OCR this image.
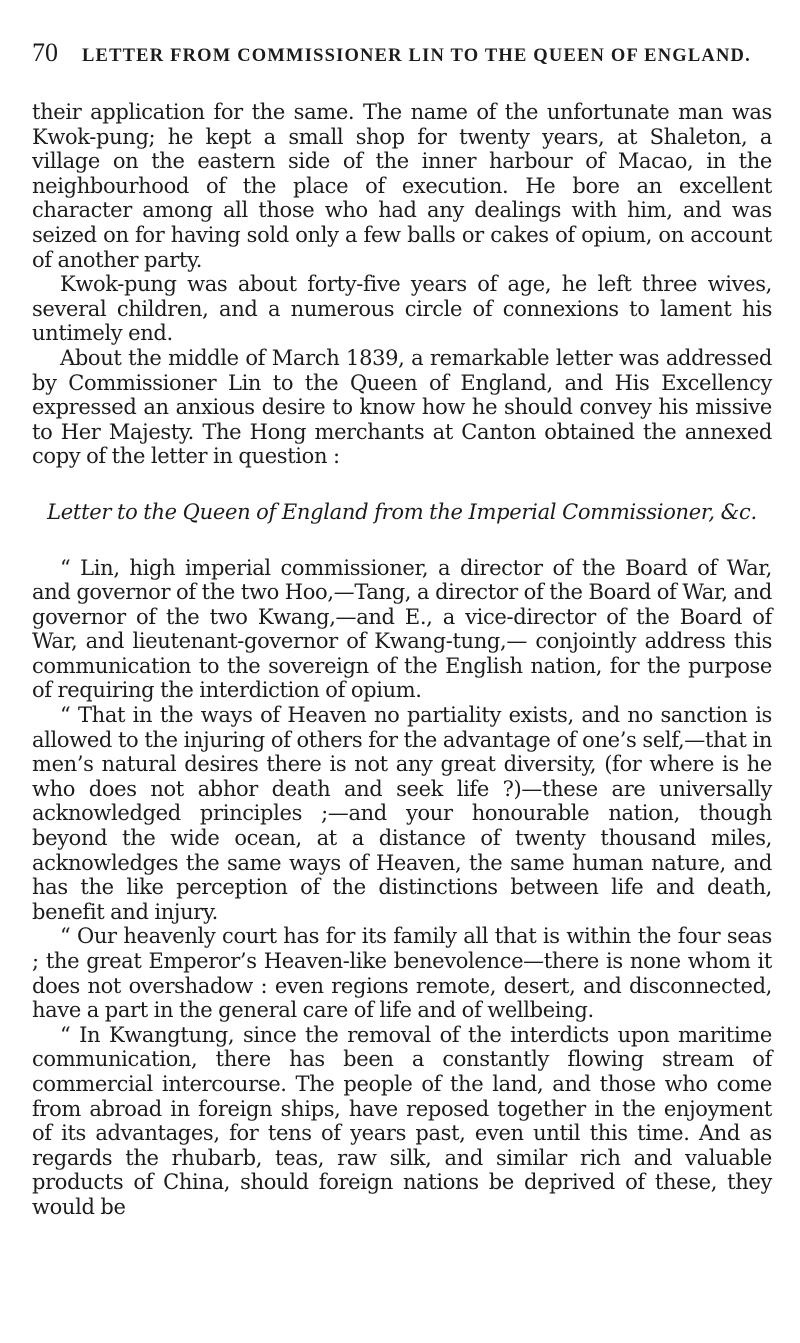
70	LETTER FROM COMMISSIONER LIN TO THE QUEEN OF ENGLAND.

their application for the same. The name of the unfortunate man was Kwok-pung; he kept a small shop for twenty years, at Shaleton, a village on the eastern side of the inner harbour of Macao, in the neighbourhood of the place of execution. He bore an excellent character among all those who had any dealings with him, and was seized on for having sold only a few balls or cakes of opium, on account of another party.

Kwok-pung was about forty-five years of age, he left three wives, several children, and a numerous circle of connexions to lament his untimely end.

About the middle of March 1839, a remarkable letter was addressed by Commissioner Lin to the Queen of England, and His Excellency expressed an anxious desire to know how he should convey his missive to Her Majesty. The Hong merchants at Canton obtained the annexed copy of the letter in question :

Letter to the Queen of England from the Imperial Commissioner, &c.

“ Lin, high imperial commissioner, a director of the Board of War, and governor of the two Hoo,—Tang, a director of the Board of War, and governor of the two Kwang,—and E., a vice-director of the Board of War, and lieutenant-governor of Kwang-tung,— conjointly address this communication to the sovereign of the English nation, for the purpose of requiring the interdiction of opium.

“ That in the ways of Heaven no partiality exists, and no sanction is allowed to the injuring of others for the advantage of one’s self,—that in men’s natural desires there is not any great diversity, (for where is he who does not abhor death and seek life ?)—these are universally acknowledged principles ;—and your honourable nation, though beyond the wide ocean, at a distance of twenty thousand miles, acknowledges the same ways of Heaven, the same human nature, and has the like perception of the distinctions between life and death, benefit and injury.

“ Our heavenly court has for its family all that is within the four seas ; the great Emperor’s Heaven-like benevolence—there is none whom it does not overshadow : even regions remote, desert, and disconnected, have a part in the general care of life and of wellbeing.

“ In Kwangtung, since the removal of the interdicts upon maritime communication, there has been a constantly flowing stream of commercial intercourse. The people of the land, and those who come from abroad in foreign ships, have reposed together in the enjoyment of its advantages, for tens of years past, even until this time. And as regards the rhubarb, teas, raw silk, and similar rich and valuable products of China, should foreign nations be deprived of these, they would be
